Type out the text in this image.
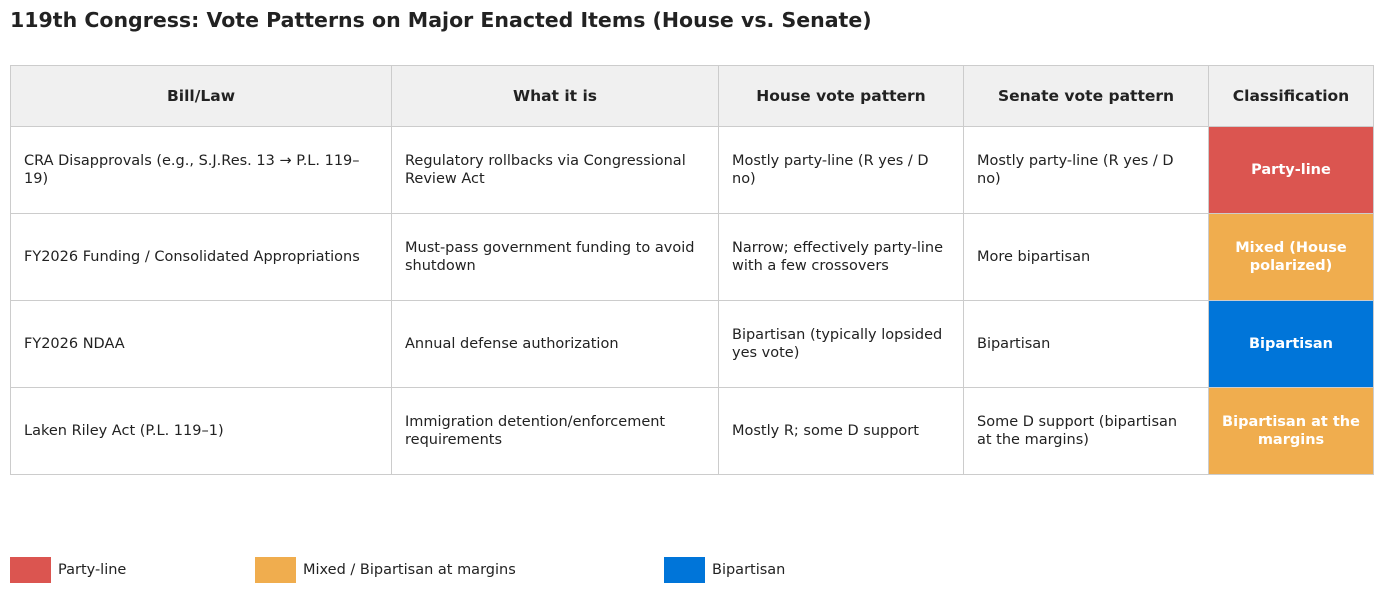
119th Congress: Vote Patterns on Major Enacted Items (House vs. Senate)
Bill/Law	What it is	House vote pattern	Senate vote pattern	Classification
CRA Disapprovals (e.g., S.J.Res. 13 → P.L. 119–19)	Regulatory rollbacks via Congressional Review Act	Mostly party-line (R yes / D no)	Mostly party-line (R yes / D no)	Party-line
FY2026 Funding / Consolidated Appropriations	Must-pass government funding to avoid shutdown	Narrow; effectively party-line with a few crossovers	More bipartisan	Mixed (House polarized)
FY2026 NDAA	Annual defense authorization	Bipartisan (typically lopsided yes vote)	Bipartisan	Bipartisan
Laken Riley Act (P.L. 119–1)	Immigration detention/enforcement requirements	Mostly R; some D support	Some D support (bipartisan at the margins)	Bipartisan at the margins
Party-line	Mixed / Bipartisan at margins	Bipartisan
